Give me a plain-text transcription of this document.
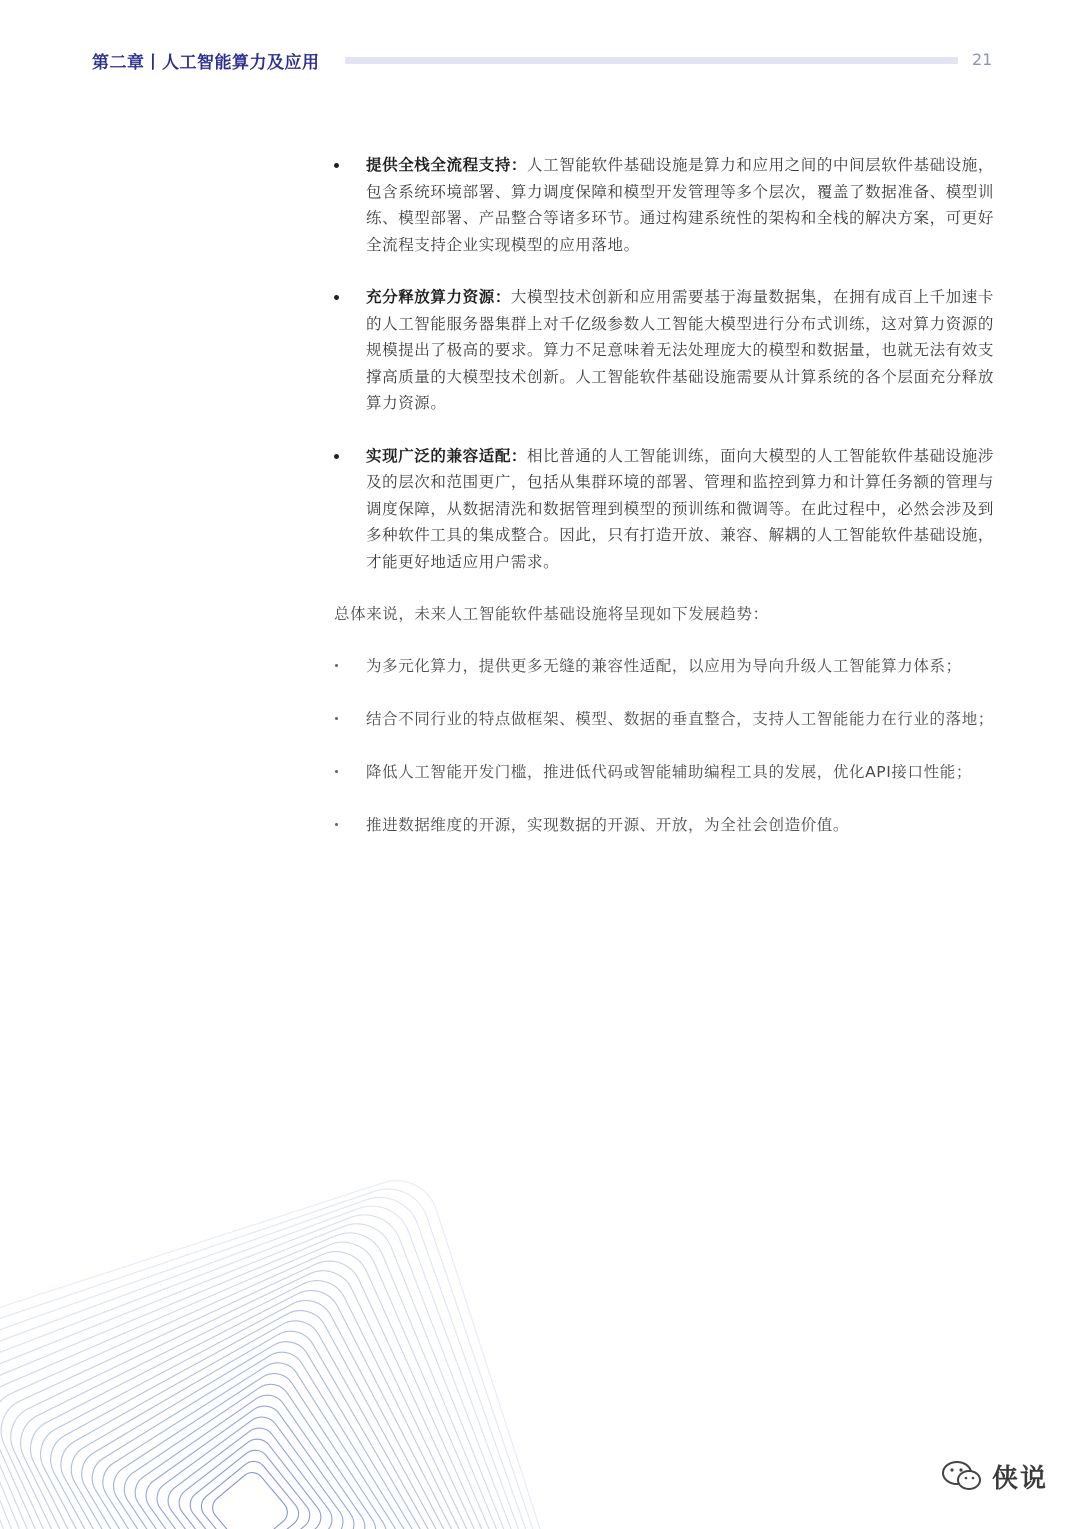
第二章丨人工智能算力及应用	21
提供全栈全流程支持：人工智能软件基础设施是算力和应用之间的中间层软件基础设施，包含系统环境部署、算力调度保障和模型开发管理等多个层次，覆盖了数据准备、模型训练、模型部署、产品整合等诸多环节。通过构建系统性的架构和全栈的解决方案，可更好全流程支持企业实现模型的应用落地。
充分释放算力资源：大模型技术创新和应用需要基于海量数据集，在拥有成百上千加速卡的人工智能服务器集群上对千亿级参数人工智能大模型进行分布式训练，这对算力资源的规模提出了极高的要求。算力不足意味着无法处理庞大的模型和数据量，也就无法有效支撑高质量的大模型技术创新。人工智能软件基础设施需要从计算系统的各个层面充分释放算力资源。
实现广泛的兼容适配：相比普通的人工智能训练，面向大模型的人工智能软件基础设施涉及的层次和范围更广，包括从集群环境的部署、管理和监控到算力和计算任务额的管理与调度保障，从数据清洗和数据管理到模型的预训练和微调等。在此过程中，必然会涉及到多种软件工具的集成整合。因此，只有打造开放、兼容、解耦的人工智能软件基础设施，才能更好地适应用户需求。
总体来说，未来人工智能软件基础设施将呈现如下发展趋势：
为多元化算力，提供更多无缝的兼容性适配，以应用为导向升级人工智能算力体系；
结合不同行业的特点做框架、模型、数据的垂直整合，支持人工智能能力在行业的落地；
降低人工智能开发门槛，推进低代码或智能辅助编程工具的发展，优化API接口性能；
推进数据维度的开源，实现数据的开源、开放，为全社会创造价值。
侠说
